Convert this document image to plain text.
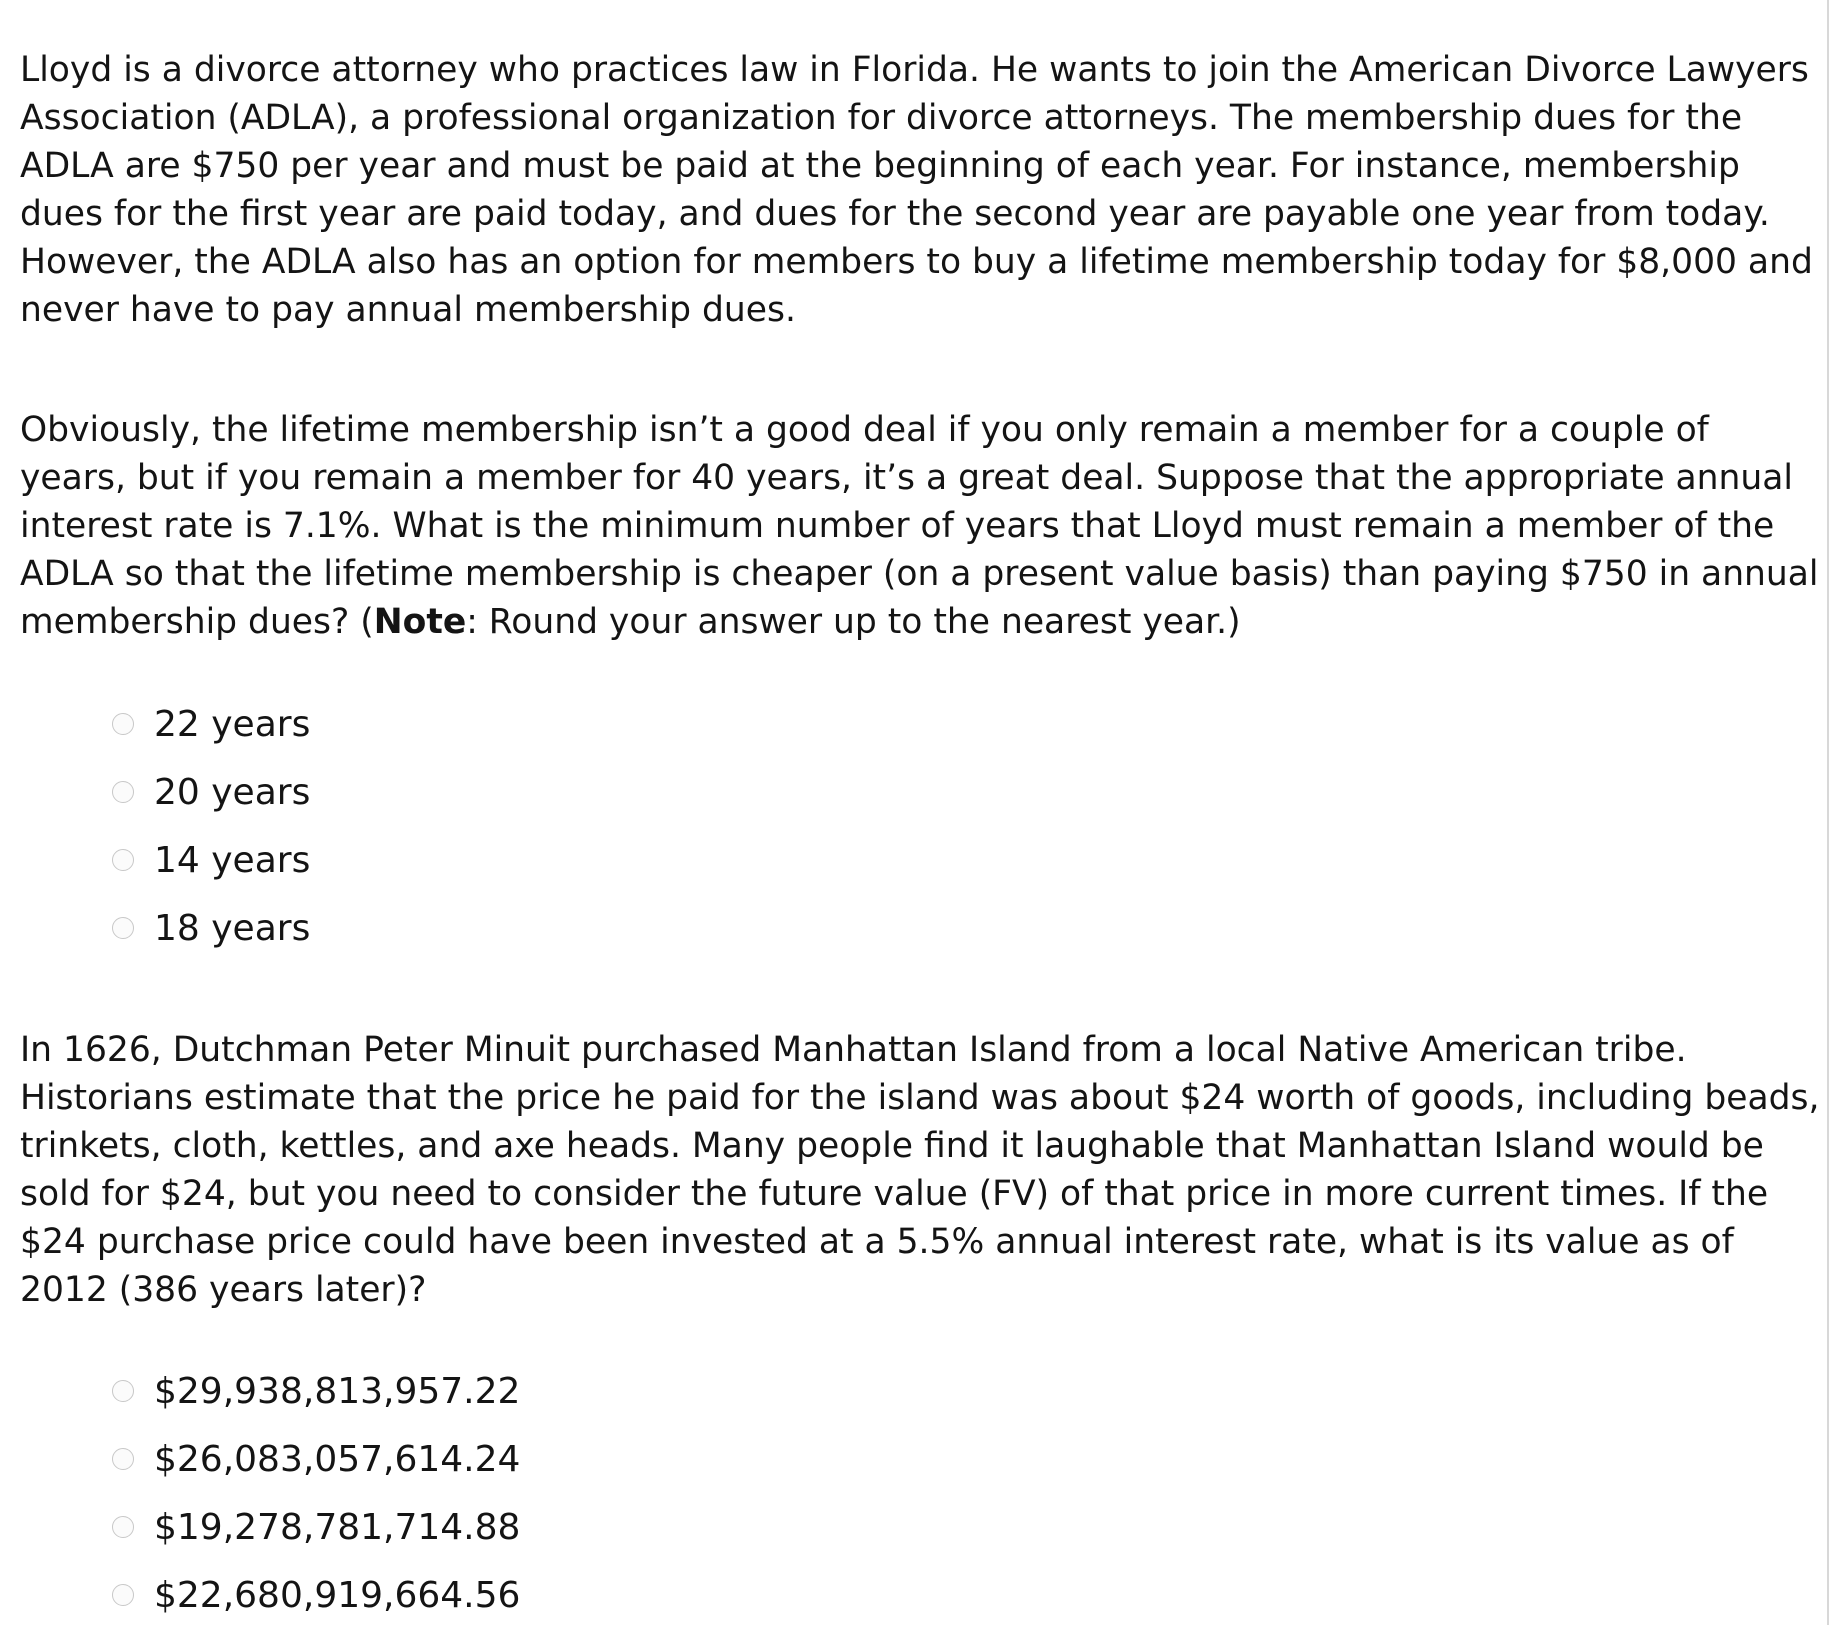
Lloyd is a divorce attorney who practices law in Florida. He wants to join the American Divorce Lawyers Association (ADLA), a professional organization for divorce attorneys. The membership dues for the ADLA are $750 per year and must be paid at the beginning of each year. For instance, membership dues for the first year are paid today, and dues for the second year are payable one year from today. However, the ADLA also has an option for members to buy a lifetime membership today for $8,000 and never have to pay annual membership dues.

Obviously, the lifetime membership isn’t a good deal if you only remain a member for a couple of years, but if you remain a member for 40 years, it’s a great deal. Suppose that the appropriate annual interest rate is 7.1%. What is the minimum number of years that Lloyd must remain a member of the ADLA so that the lifetime membership is cheaper (on a present value basis) than paying $750 in annual membership dues? (Note: Round your answer up to the nearest year.)

22 years
20 years
14 years
18 years

In 1626, Dutchman Peter Minuit purchased Manhattan Island from a local Native American tribe. Historians estimate that the price he paid for the island was about $24 worth of goods, including beads, trinkets, cloth, kettles, and axe heads. Many people find it laughable that Manhattan Island would be sold for $24, but you need to consider the future value (FV) of that price in more current times. If the $24 purchase price could have been invested at a 5.5% annual interest rate, what is its value as of 2012 (386 years later)?

$29,938,813,957.22
$26,083,057,614.24
$19,278,781,714.88
$22,680,919,664.56
